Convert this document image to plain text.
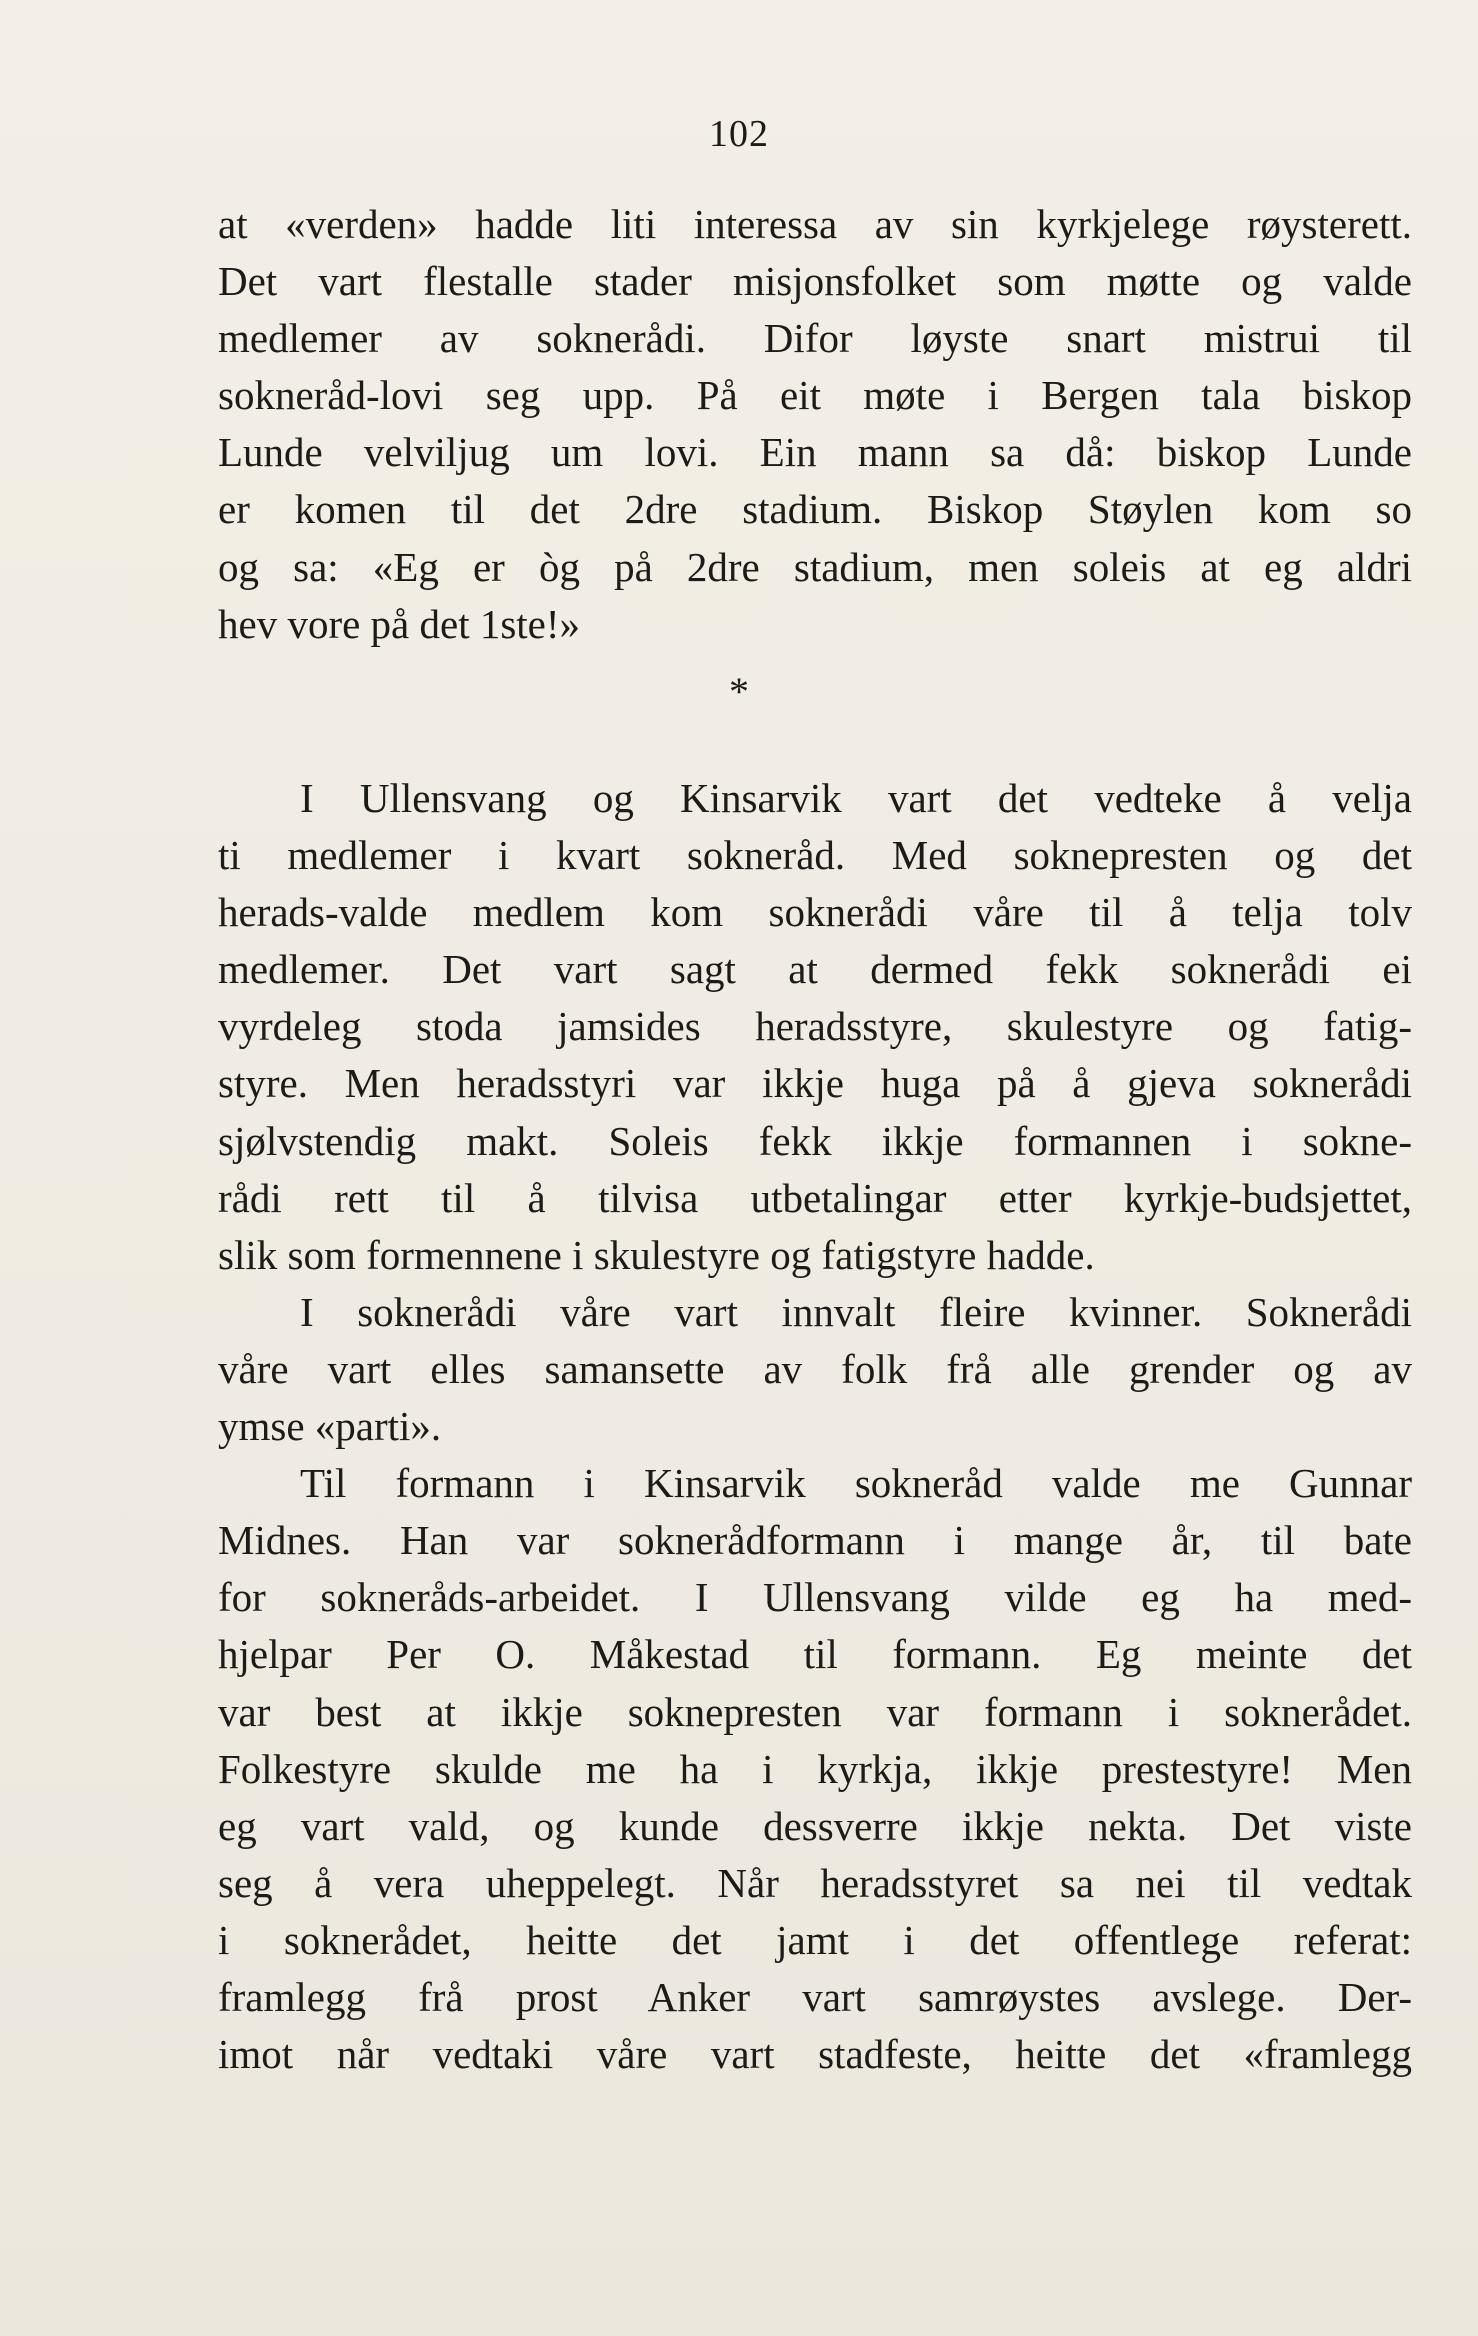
102
at «verden» hadde liti interessa av sin kyrkjelege røysterett.
Det vart flestalle stader misjonsfolket som møtte og valde
medlemer av soknerådi. Difor løyste snart mistrui til
sokneråd-lovi seg upp. På eit møte i Bergen tala biskop
Lunde velviljug um lovi. Ein mann sa då: biskop Lunde
er komen til det 2dre stadium. Biskop Støylen kom so
og sa: «Eg er òg på 2dre stadium, men soleis at eg aldri
hev vore på det 1ste!»
*
I Ullensvang og Kinsarvik vart det vedteke å velja
ti medlemer i kvart sokneråd. Med soknepresten og det
herads-valde medlem kom soknerådi våre til å telja tolv
medlemer. Det vart sagt at dermed fekk soknerådi ei
vyrdeleg stoda jamsides heradsstyre, skulestyre og fatig-
styre. Men heradsstyri var ikkje huga på å gjeva soknerådi
sjølvstendig makt. Soleis fekk ikkje formannen i sokne-
rådi rett til å tilvisa utbetalingar etter kyrkje-budsjettet,
slik som formennene i skulestyre og fatigstyre hadde.
I soknerådi våre vart innvalt fleire kvinner. Soknerådi
våre vart elles samansette av folk frå alle grender og av
ymse «parti».
Til formann i Kinsarvik sokneråd valde me Gunnar
Midnes. Han var soknerådformann i mange år, til bate
for sokneråds-arbeidet. I Ullensvang vilde eg ha med-
hjelpar Per O. Måkestad til formann. Eg meinte det
var best at ikkje soknepresten var formann i soknerådet.
Folkestyre skulde me ha i kyrkja, ikkje prestestyre! Men
eg vart vald, og kunde dessverre ikkje nekta. Det viste
seg å vera uheppelegt. Når heradsstyret sa nei til vedtak
i soknerådet, heitte det jamt i det offentlege referat:
framlegg frå prost Anker vart samrøystes avslege. Der-
imot når vedtaki våre vart stadfeste, heitte det «framlegg
